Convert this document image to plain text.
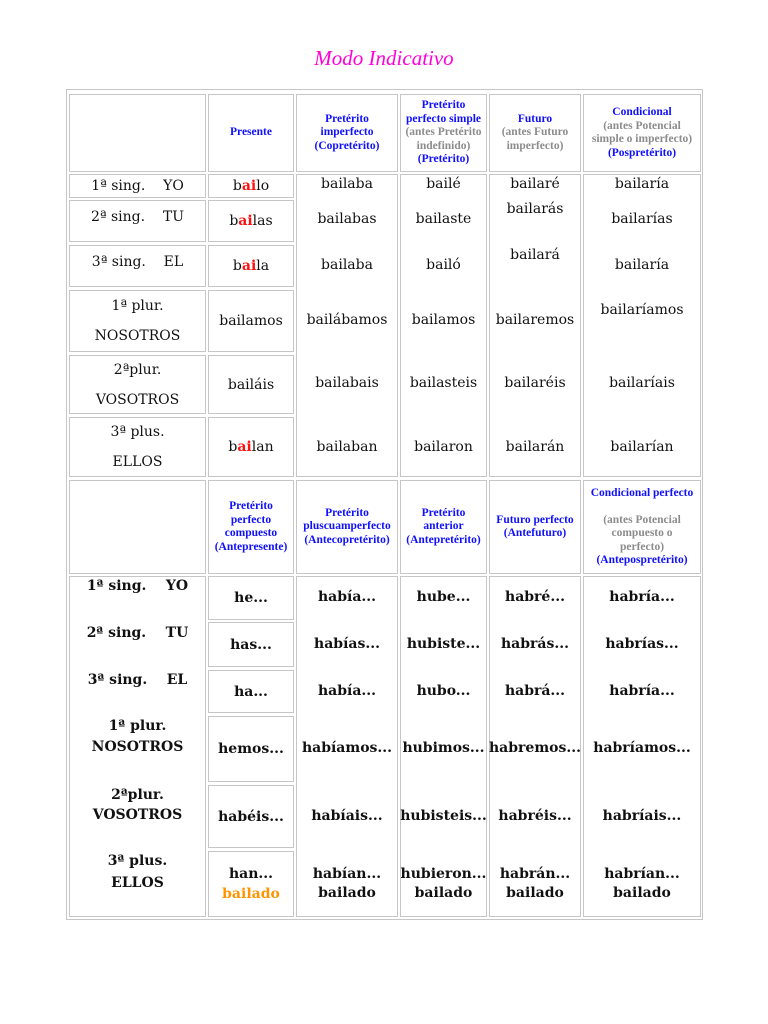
Modo Indicativo
Presente
Pretérito
imperfecto
(Copretérito)
Pretérito
perfecto simple
(antes Pretérito
indefinido)
(Pretérito)
Futuro
(antes Futuro
imperfecto)
Condicional
(antes Potencial
simple o imperfecto)
(Pospretérito)
1ª sing.    YO
2ª sing.    TU
3ª sing.    EL
1ª plur.
NOSOTROS
2ªplur.
VOSOTROS
3ª plus.
ELLOS
b ai lo
b ai las
b ai la
bailamos
bailáis
b ai lan
bailaba
bailabas
bailaba
bailábamos
bailabais
bailaban
bailé
bailaste
bailó
bailamos
bailasteis
bailaron
bailaré
bailarás
bailará
bailaremos
bailaréis
bailarán
bailaría
bailarías
bailaría
bailaríamos
bailaríais
bailarían
Pretérito
perfecto
compuesto
(Antepresente)
Pretérito
pluscuamperfecto
(Antecopretérito)
Pretérito
anterior
(Antepretérito)
Futuro perfecto
(Antefuturo)
Condicional perfecto

(antes Potencial
compuesto o
perfecto)
(Antepospretérito)
1ª sing.    YO
2ª sing.    TU
3ª sing.    EL
1ª plur.
NOSOTROS
2ªplur.
VOSOTROS
3ª plus.
ELLOS
he...
has...
ha...
hemos...
habéis...
han...
bailado
había...
habías...
había...
habíamos...
habíais...
habían...
bailado
hube...
hubiste...
hubo...
hubimos...
hubisteis...
hubieron...
bailado
habré...
habrás...
habrá...
habremos...
habréis...
habrán...
bailado
habría...
habrías...
habría...
habríamos...
habríais...
habrían...
bailado
